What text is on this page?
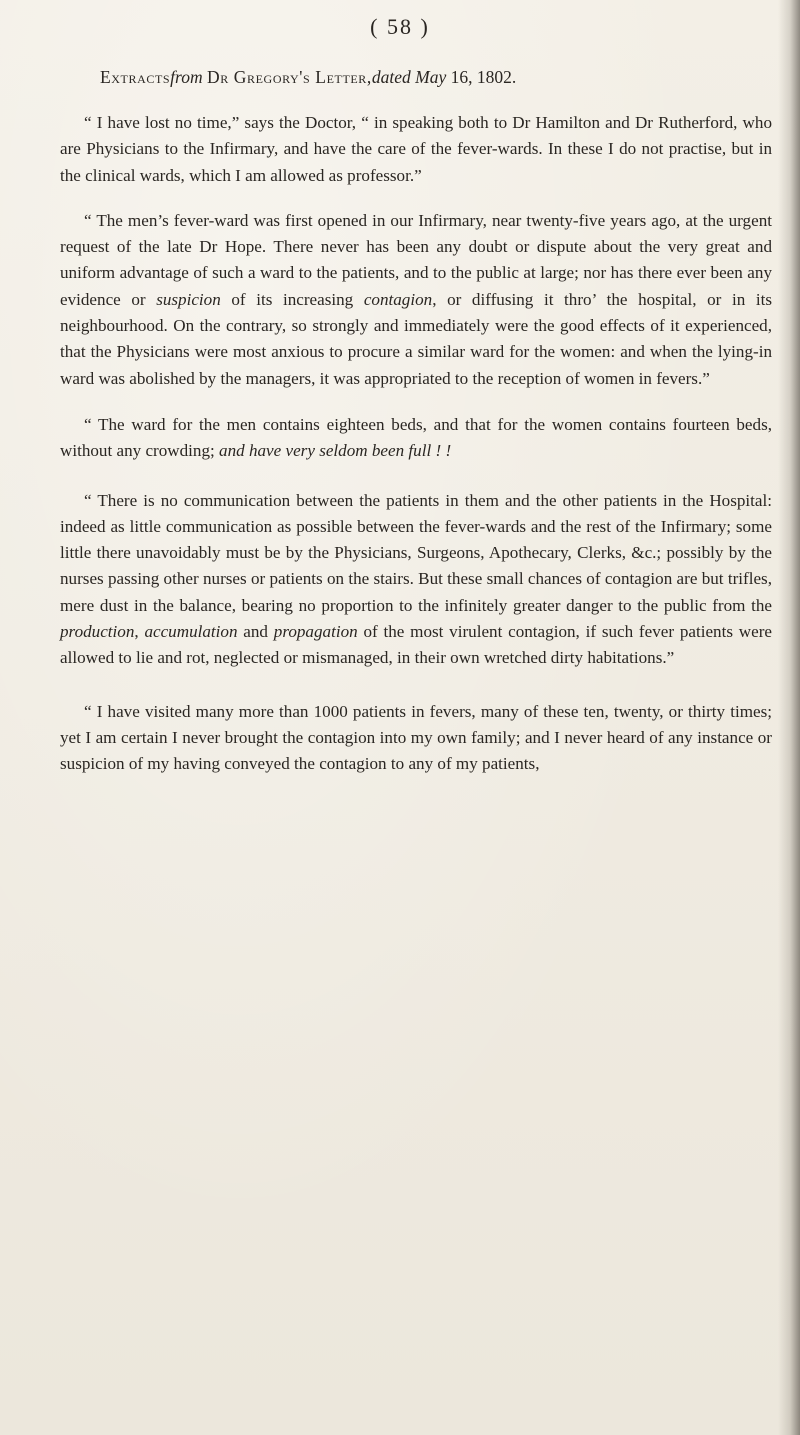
( 58 )
Extractsfrom Dr Gregory's Letter,dated May 16, 1802.

“ I have lost no time,” says the Doctor, “ in speaking both to Dr Hamilton and Dr Rutherford, who are Physicians to the Infirmary, and have the care of the fever-wards. In these I do not practise, but in the clinical wards, which I am allowed as professor.”

“ The men’s fever-ward was first opened in our Infirmary, near twenty-five years ago, at the urgent request of the late Dr Hope. There never has been any doubt or dispute about the very great and uniform advantage of such a ward to the patients, and to the public at large; nor has there ever been any evidence or suspicion of its increasing contagion, or diffusing it thro’ the hospital, or in its neighbourhood. On the contrary, so strongly and immediately were the good effects of it experienced, that the Physicians were most anxious to procure a similar ward for the women: and when the lying-in ward was abolished by the managers, it was appropriated to the reception of women in fevers.”

“ The ward for the men contains eighteen beds, and that for the women contains fourteen beds, without any crowding; and have very seldom been full ! !

“ There is no communication between the patients in them and the other patients in the Hospital: indeed as little communication as possible between the fever-wards and the rest of the Infirmary; some little there unavoidably must be by the Physicians, Surgeons, Apothecary, Clerks, &c.; possibly by the nurses passing other nurses or patients on the stairs. But these small chances of contagion are but trifles, mere dust in the balance, bearing no proportion to the infinitely greater danger to the public from the production, accumulation and propagation of the most virulent contagion, if such fever patients were allowed to lie and rot, neglected or mismanaged, in their own wretched dirty habitations.”

“ I have visited many more than 1000 patients in fevers, many of these ten, twenty, or thirty times; yet I am certain I never brought the contagion into my own family; and I never heard of any instance or suspicion of my having conveyed the contagion to any of my patients,
